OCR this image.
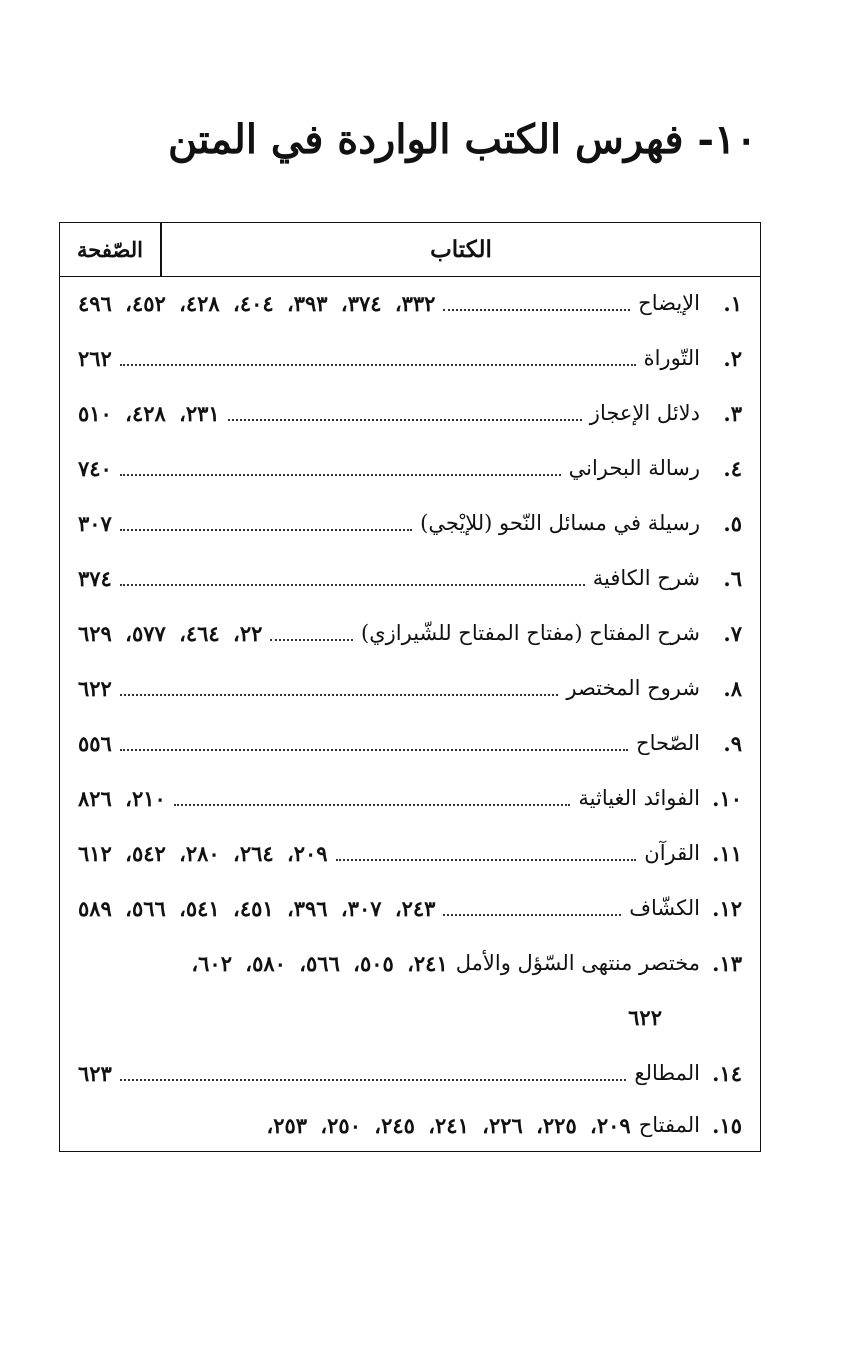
١٠- فهرس الكتب الواردة في المتن
الكتاب
الصّفحة
١.
الإيضاح
٣٣٢، ٣٧٤، ٣٩٣، ٤٠٤، ٤٢٨، ٤٥٢، ٤٩٦
٢.
التّوراة
٢٦٢
٣.
دلائل الإعجاز
٢٣١، ٤٢٨، ٥١٠
٤.
رسالة البحراني
٧٤٠
٥.
رسيلة في مسائل النّحو (للإيْجي)
٣٠٧
٦.
شرح الكافية
٣٧٤
٧.
شرح المفتاح (مفتاح المفتاح للشّيرازي)
٢٢، ٤٦٤، ٥٧٧، ٦٢٩
٨.
شروح المختصر
٦٢٢
٩.
الصّحاح
٥٥٦
١٠.
الفوائد الغياثية
٢١٠، ٨٢٦
١١.
القرآن
٢٠٩، ٢٦٤، ٢٨٠، ٥٤٢، ٦١٢
١٢.
الكشّاف
٢٤٣، ٣٠٧، ٣٩٦، ٤٥١، ٥٤١، ٥٦٦، ٥٨٩
١٣.
مختصر منتهى السّؤل والأمل
٢٤١، ٥٠٥، ٥٦٦، ٥٨٠، ٦٠٢،
٦٢٢
١٤.
المطالع
٦٢٣
١٥.
المفتاح
٢٠٩، ٢٢٥، ٢٢٦، ٢٤١، ٢٤٥، ٢٥٠، ٢٥٣،
